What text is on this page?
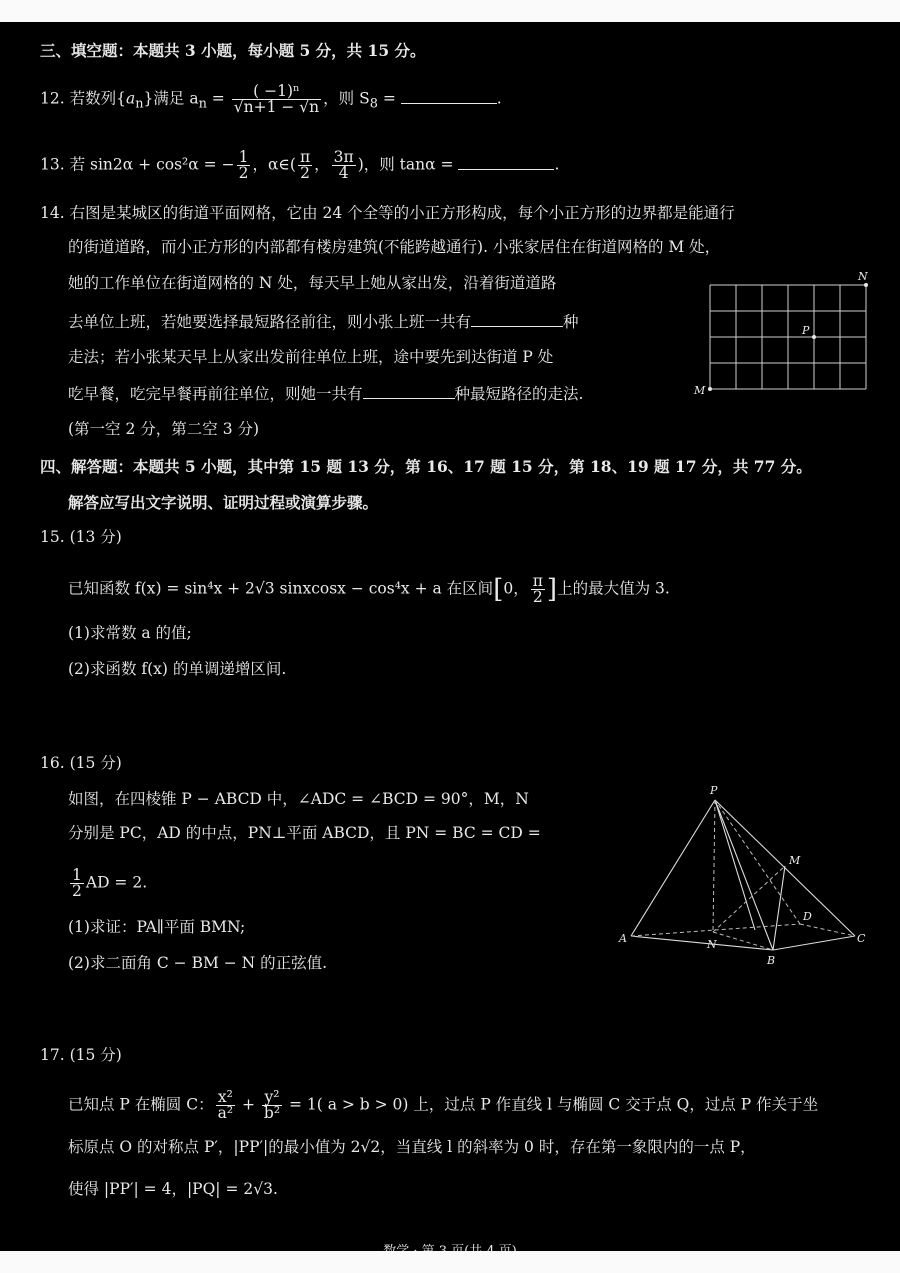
三、填空题：本题共 3 小题，每小题 5 分，共 15 分。
12. 若数列$\{a_n\}$满足 $a_n = \frac{\text{( −1)ⁿ}}{√n+1 - √n}$ ，则 $S_8$ =	.
13. 若 sin2α + cos²α = − $\frac{1}{2}$ ，α∈( $\frac{\pi}{2}$ ， $\frac{3\pi}{4}$ )，则 tanα =	.
14. 右图是某城区的街道平面网格，它由 24 个全等的小正方形构成，每个小正方形的边界都是能通行
的街道道路，而小正方形的内部都有楼房建筑(不能跨越通行). 小张家居住在街道网格的 M 处，
她的工作单位在街道网格的 N 处，每天早上她从家出发，沿着街道道路
去单位上班，若她要选择最短路径前往，则小张上班一共有	种
走法；若小张某天早上从家出发前往单位上班，途中要先到达街道 P 处
吃早餐，吃完早餐再前往单位，则她一共有	种最短路径的走法.
(第一空 2 分，第二空 3 分)
N
P
M
四、解答题：本题共 5 小题，其中第 15 题 13 分，第 16、17 题 15 分，第 18、19 题 17 分，共 77 分。
解答应写出文字说明、证明过程或演算步骤。
15. (13 分)
已知函数 f(x) = sin⁴x + 2√3 sinxcosx − cos⁴x + a 在区间[0， $\frac{\pi}{2}$ ]上的最大值为 3.
(1)求常数 a 的值;
(2)求函数 f(x) 的单调递增区间.
16. (15 分)
如图，在四棱锥 P − ABCD 中，∠ADC = ∠BCD = 90°，M，N
分别是 PC，AD 的中点，PN⊥平面 ABCD，且 PN = BC = CD =
$\frac{1}{2}$ AD = 2.
(1)求证：PA∥平面 BMN;
(2)求二面角 C − BM − N 的正弦值.
P
M
D
A	N
B
C
17. (15 分)
已知点 P 在椭圆 C： $\frac{\text{x²}}{\text{a²}} + \frac{\text{y²}}{\text{b²}} = 1$( a > b > 0) 上，过点 P 作直线 l 与椭圆 C 交于点 Q，过点 P 作关于坐
标原点 O 的对称点 P′，|PP′|的最小值为 2√2，当直线 l 的斜率为 0 时，存在第一象限内的一点 P，
使得 |PP′| = 4，|PQ| = 2√3.
